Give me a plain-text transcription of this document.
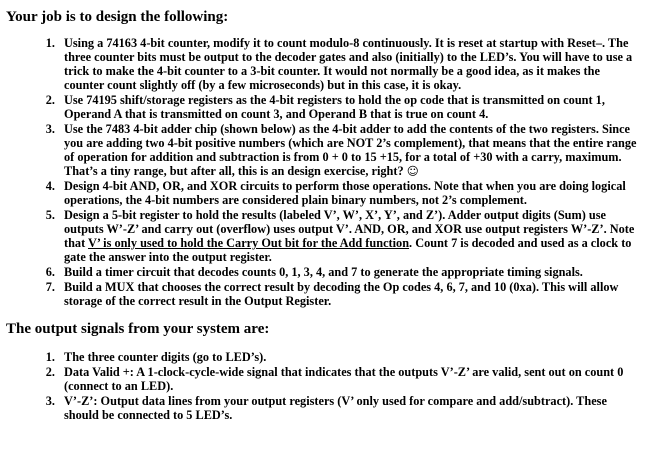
Your job is to design the following:
1. Using a 74163 4-bit counter, modify it to count modulo-8 continuously. It is reset at startup with Reset–. The three counter bits must be output to the decoder gates and also (initially) to the LED’s. You will have to use a trick to make the 4-bit counter to a 3-bit counter. It would not normally be a good idea, as it makes the counter count slightly off (by a few microseconds) but in this case, it is okay.
2. Use 74195 shift/storage registers as the 4-bit registers to hold the op code that is transmitted on count 1, Operand A that is transmitted on count 3, and Operand B that is true on count 4.
3. Use the 7483 4-bit adder chip (shown below) as the 4-bit adder to add the contents of the two registers. Since you are adding two 4-bit positive numbers (which are NOT 2’s complement), that means that the entire range of operation for addition and subtraction is from 0 + 0 to 15 +15, for a total of +30 with a carry, maximum. That’s a tiny range, but after all, this is an design exercise, right? ☺
4. Design 4-bit AND, OR, and XOR circuits to perform those operations. Note that when you are doing logical operations, the 4-bit numbers are considered plain binary numbers, not 2’s complement.
5. Design a 5-bit register to hold the results (labeled V’, W’, X’, Y’, and Z’). Adder output digits (Sum) use outputs W’-Z’ and carry out (overflow) uses output V’. AND, OR, and XOR use output registers W’-Z’. Note that V’ is only used to hold the Carry Out bit for the Add function. Count 7 is decoded and used as a clock to gate the answer into the output register.
6. Build a timer circuit that decodes counts 0, 1, 3, 4, and 7 to generate the appropriate timing signals.
7. Build a MUX that chooses the correct result by decoding the Op codes 4, 6, 7, and 10 (0xa). This will allow storage of the correct result in the Output Register.
The output signals from your system are:
1. The three counter digits (go to LED’s).
2. Data Valid +: A 1-clock-cycle-wide signal that indicates that the outputs V’-Z’ are valid, sent out on count 0 (connect to an LED).
3. V’-Z’: Output data lines from your output registers (V’ only used for compare and add/subtract). These should be connected to 5 LED’s.
